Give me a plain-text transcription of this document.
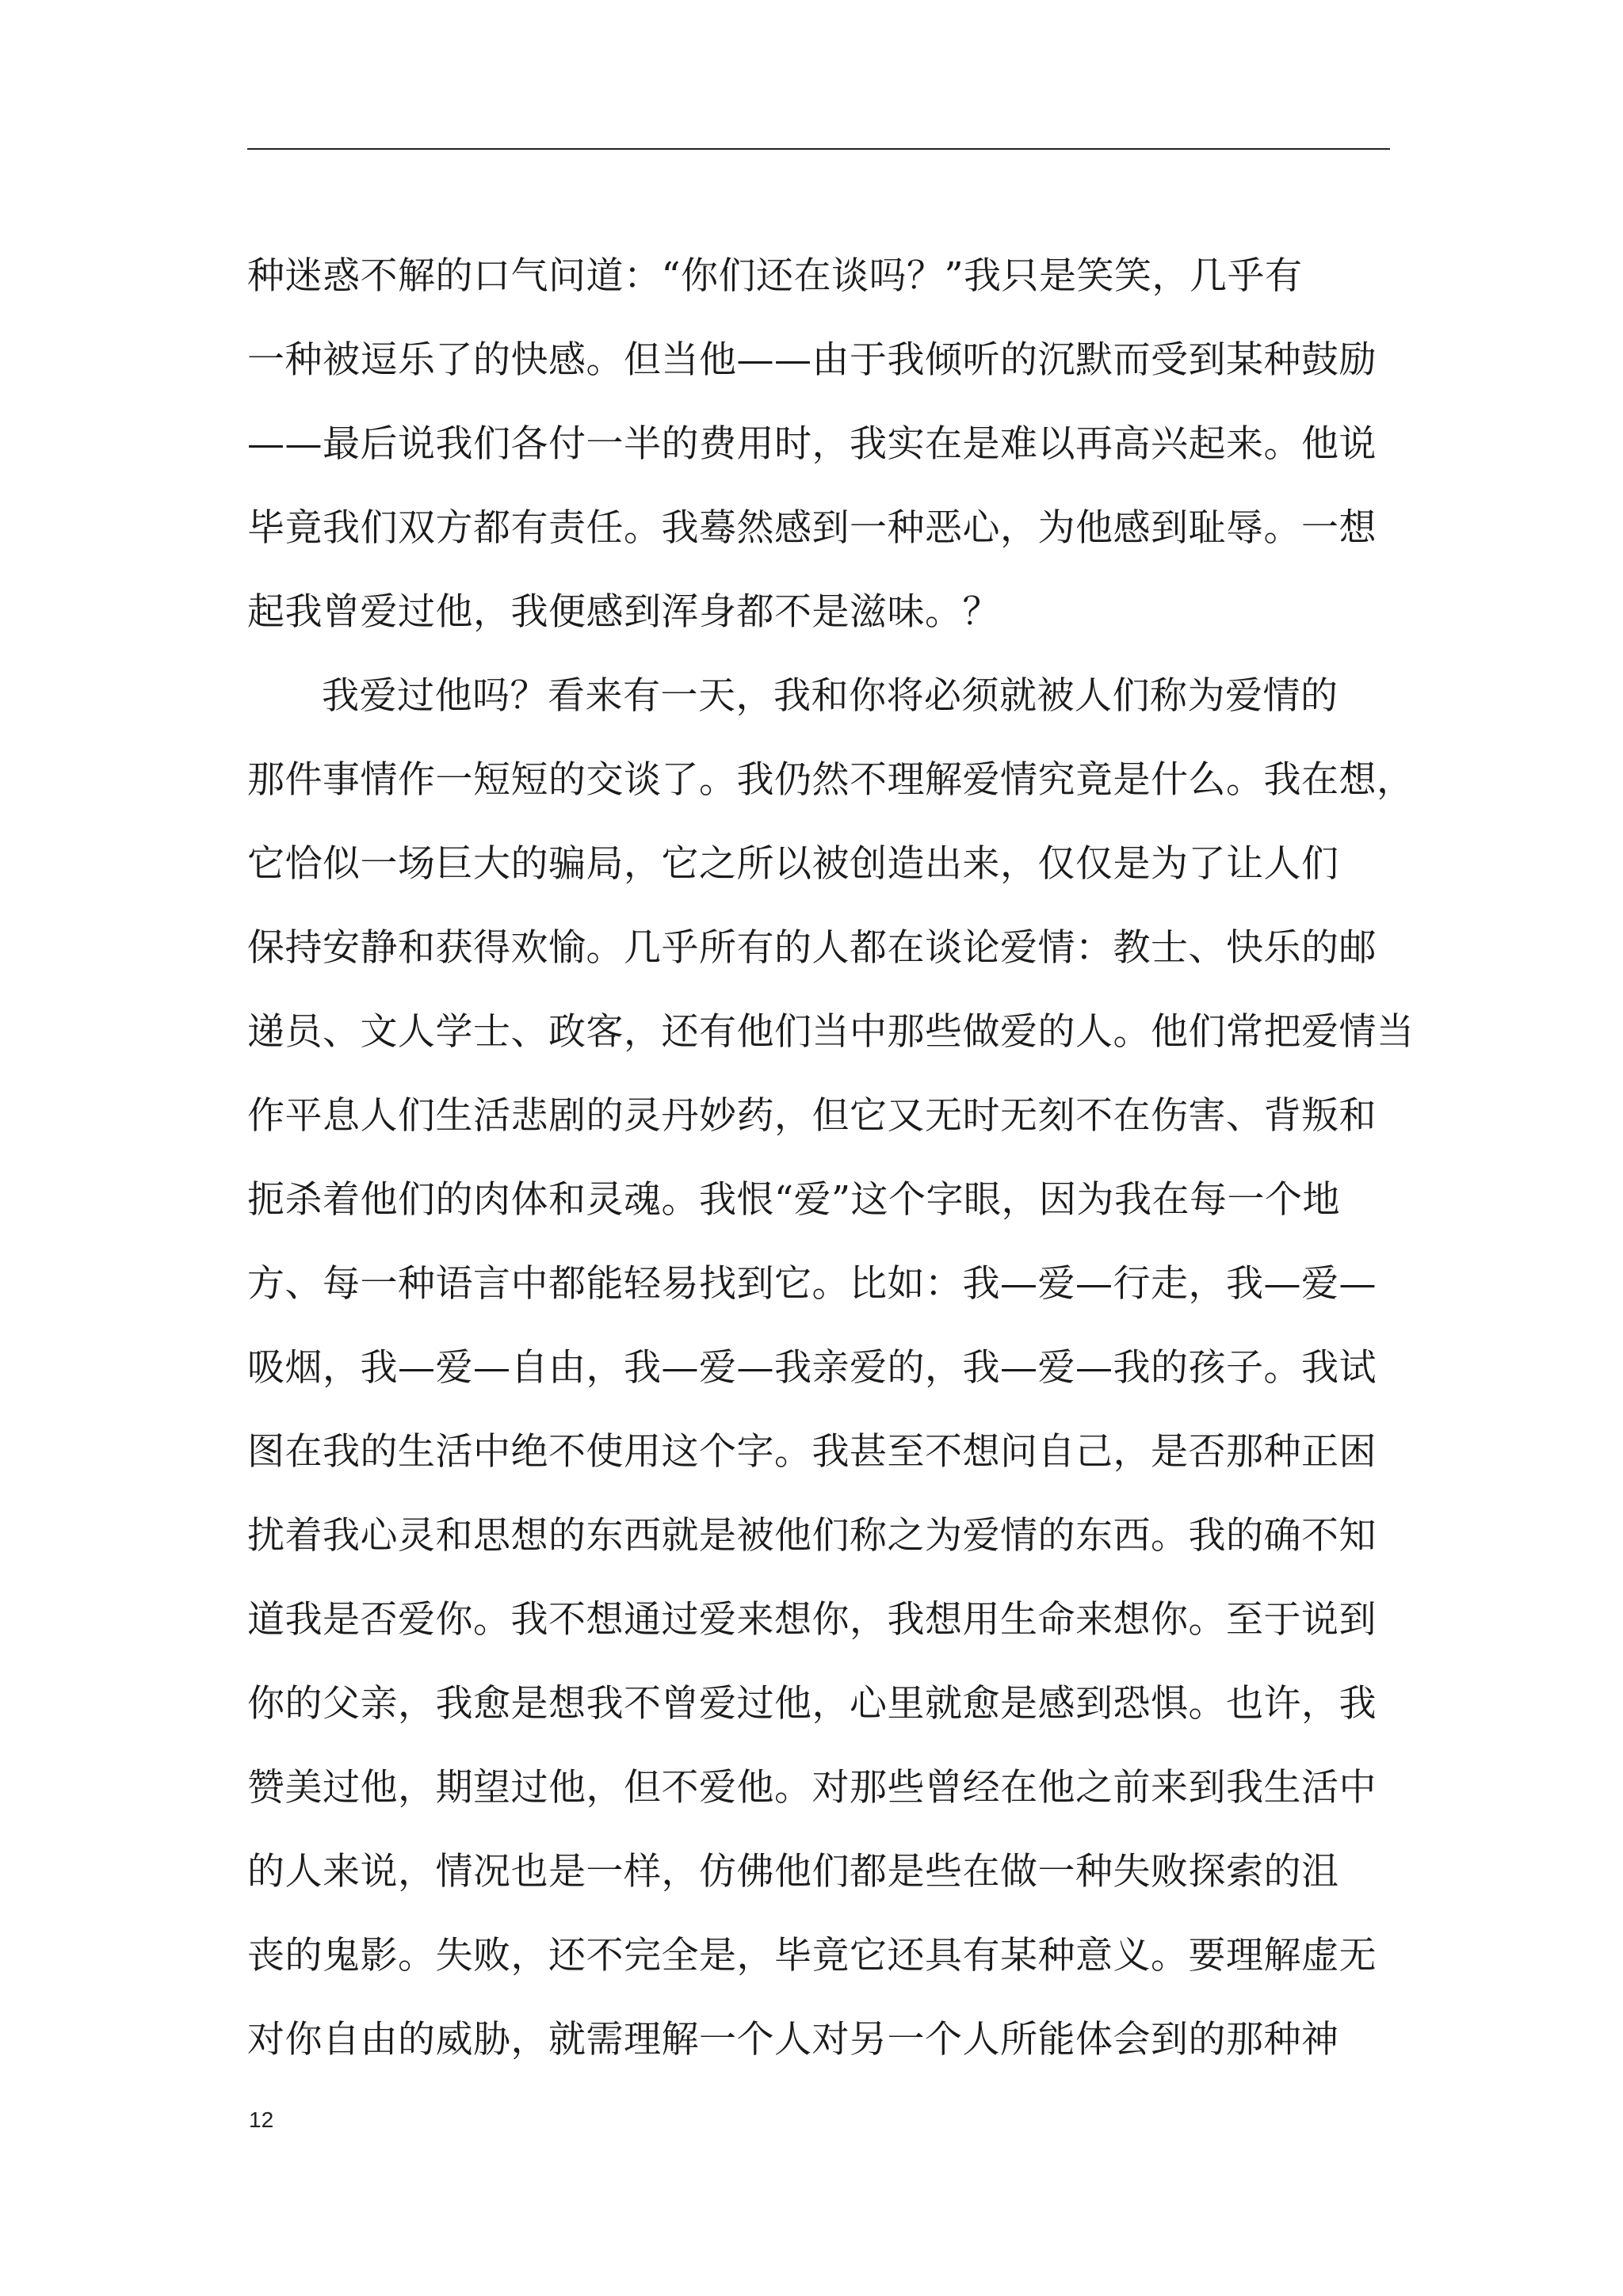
种迷惑不解的口气问道：“你们还在谈吗？”我只是笑笑，几乎有
一种被逗乐了的快感。但当他——由于我倾听的沉默而受到某种鼓励
——最后说我们各付一半的费用时，我实在是难以再高兴起来。他说
毕竟我们双方都有责任。我蓦然感到一种恶心，为他感到耻辱。一想
起我曾爱过他，我便感到浑身都不是滋味。？
我爱过他吗？看来有一天，我和你将必须就被人们称为爱情的
那件事情作一短短的交谈了。我仍然不理解爱情究竟是什么。我在想，
它恰似一场巨大的骗局，它之所以被创造出来，仅仅是为了让人们
保持安静和获得欢愉。几乎所有的人都在谈论爱情：教士、快乐的邮
递员、文人学士、政客，还有他们当中那些做爱的人。他们常把爱情当
作平息人们生活悲剧的灵丹妙药，但它又无时无刻不在伤害、背叛和
扼杀着他们的肉体和灵魂。我恨“爱”这个字眼，因为我在每一个地
方、每一种语言中都能轻易找到它。比如：我—爱—行走，我—爱—
吸烟，我—爱—自由，我—爱—我亲爱的，我—爱—我的孩子。我试
图在我的生活中绝不使用这个字。我甚至不想问自己，是否那种正困
扰着我心灵和思想的东西就是被他们称之为爱情的东西。我的确不知
道我是否爱你。我不想通过爱来想你，我想用生命来想你。至于说到
你的父亲，我愈是想我不曾爱过他，心里就愈是感到恐惧。也许，我
赞美过他，期望过他，但不爱他。对那些曾经在他之前来到我生活中
的人来说，情况也是一样，仿佛他们都是些在做一种失败探索的沮
丧的鬼影。失败，还不完全是，毕竟它还具有某种意义。要理解虚无
对你自由的威胁，就需理解一个人对另一个人所能体会到的那种神
12
